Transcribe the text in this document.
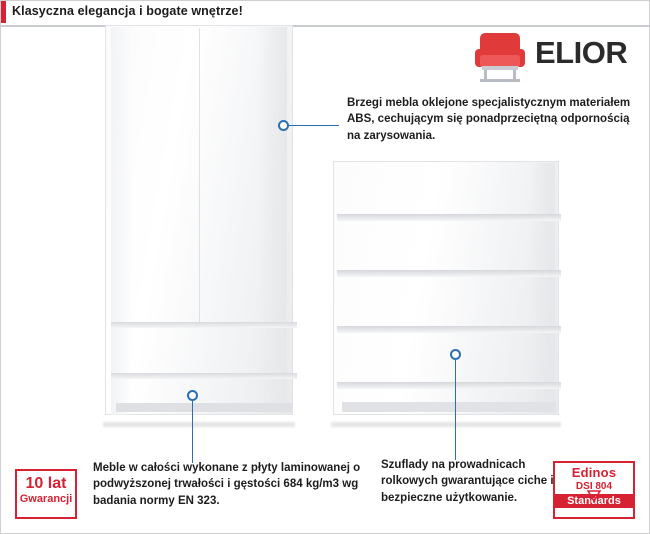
Klasyczna elegancja i bogate wnętrze!
ELIOR
Brzegi mebla oklejone specjalistycznym materiałem ABS, cechującym się ponadprzeciętną odpornością na zarysowania.
Meble w całości wykonane z płyty laminowanej o podwyższonej trwałości i gęstości 684 kg/m3 wg badania normy EN 323.
Szuflady na prowadnicach rolkowych gwarantujące ciche i bezpieczne użytkowanie.
10 lat
Gwarancji
Edinos
DSI 804
Standards
